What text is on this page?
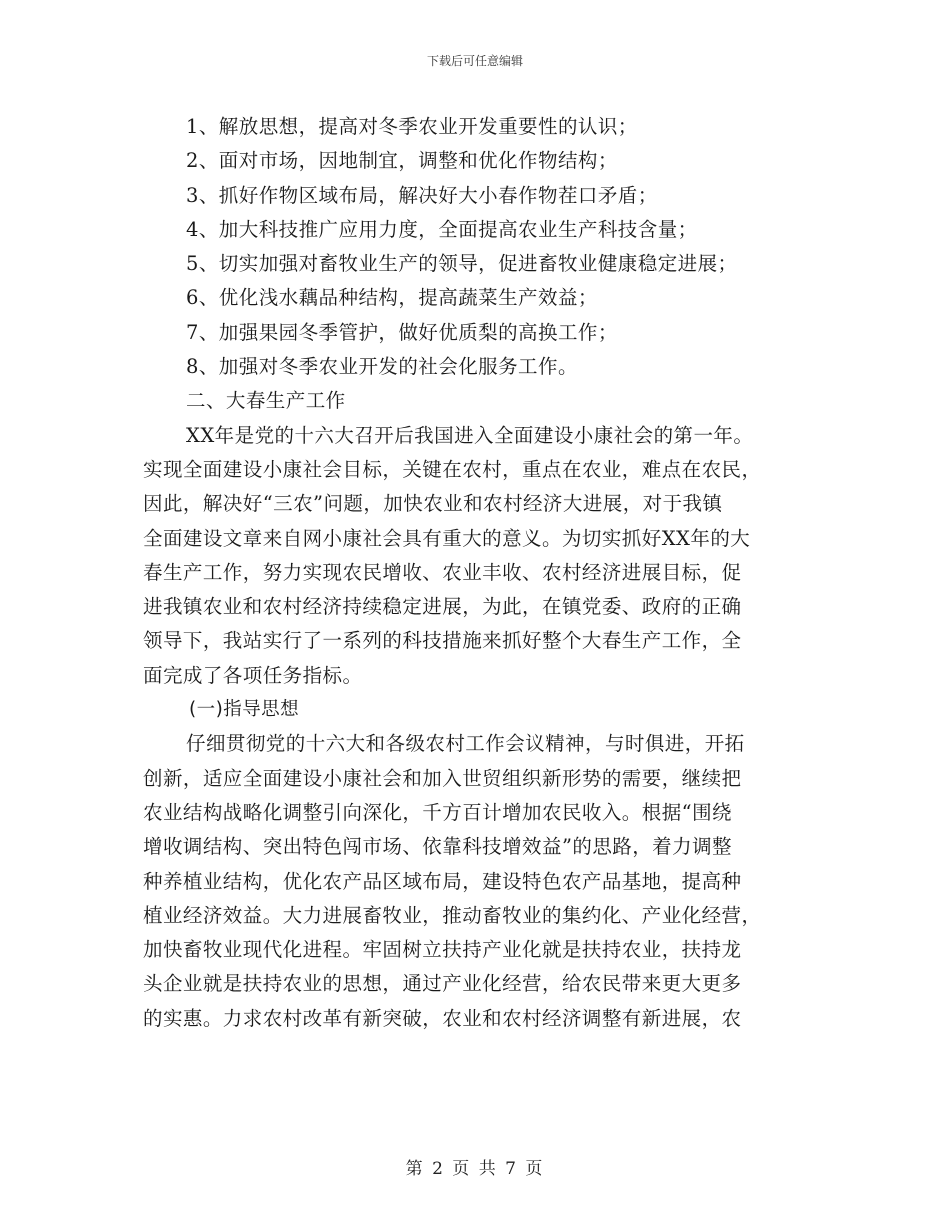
下载后可任意编辑
1、解放思想，提高对冬季农业开发重要性的认识；
2、面对市场，因地制宜，调整和优化作物结构；
3、抓好作物区域布局，解决好大小春作物茬口矛盾；
4、加大科技推广应用力度，全面提高农业生产科技含量；
5、切实加强对畜牧业生产的领导，促进畜牧业健康稳定进展；
6、优化浅水藕品种结构，提高蔬菜生产效益；
7、加强果园冬季管护，做好优质梨的高换工作；
8、加强对冬季农业开发的社会化服务工作。
二、大春生产工作
XX年是党的十六大召开后我国进入全面建设小康社会的第一年。
实现全面建设小康社会目标，关键在农村，重点在农业，难点在农民，
因此，解决好“三农”问题，加快农业和农村经济大进展，对于我镇
全面建设文章来自网小康社会具有重大的意义。为切实抓好XX年的大
春生产工作，努力实现农民增收、农业丰收、农村经济进展目标，促
进我镇农业和农村经济持续稳定进展，为此，在镇党委、政府的正确
领导下，我站实行了一系列的科技措施来抓好整个大春生产工作，全
面完成了各项任务指标。
(一)指导思想
仔细贯彻党的十六大和各级农村工作会议精神，与时俱进，开拓
创新，适应全面建设小康社会和加入世贸组织新形势的需要，继续把
农业结构战略化调整引向深化，千方百计增加农民收入。根据“围绕
增收调结构、突出特色闯市场、依靠科技增效益”的思路，着力调整
种养植业结构，优化农产品区域布局，建设特色农产品基地，提高种
植业经济效益。大力进展畜牧业，推动畜牧业的集约化、产业化经营，
加快畜牧业现代化进程。牢固树立扶持产业化就是扶持农业，扶持龙
头企业就是扶持农业的思想，通过产业化经营，给农民带来更大更多
的实惠。力求农村改革有新突破，农业和农村经济调整有新进展，农
第 2 页 共 7 页
